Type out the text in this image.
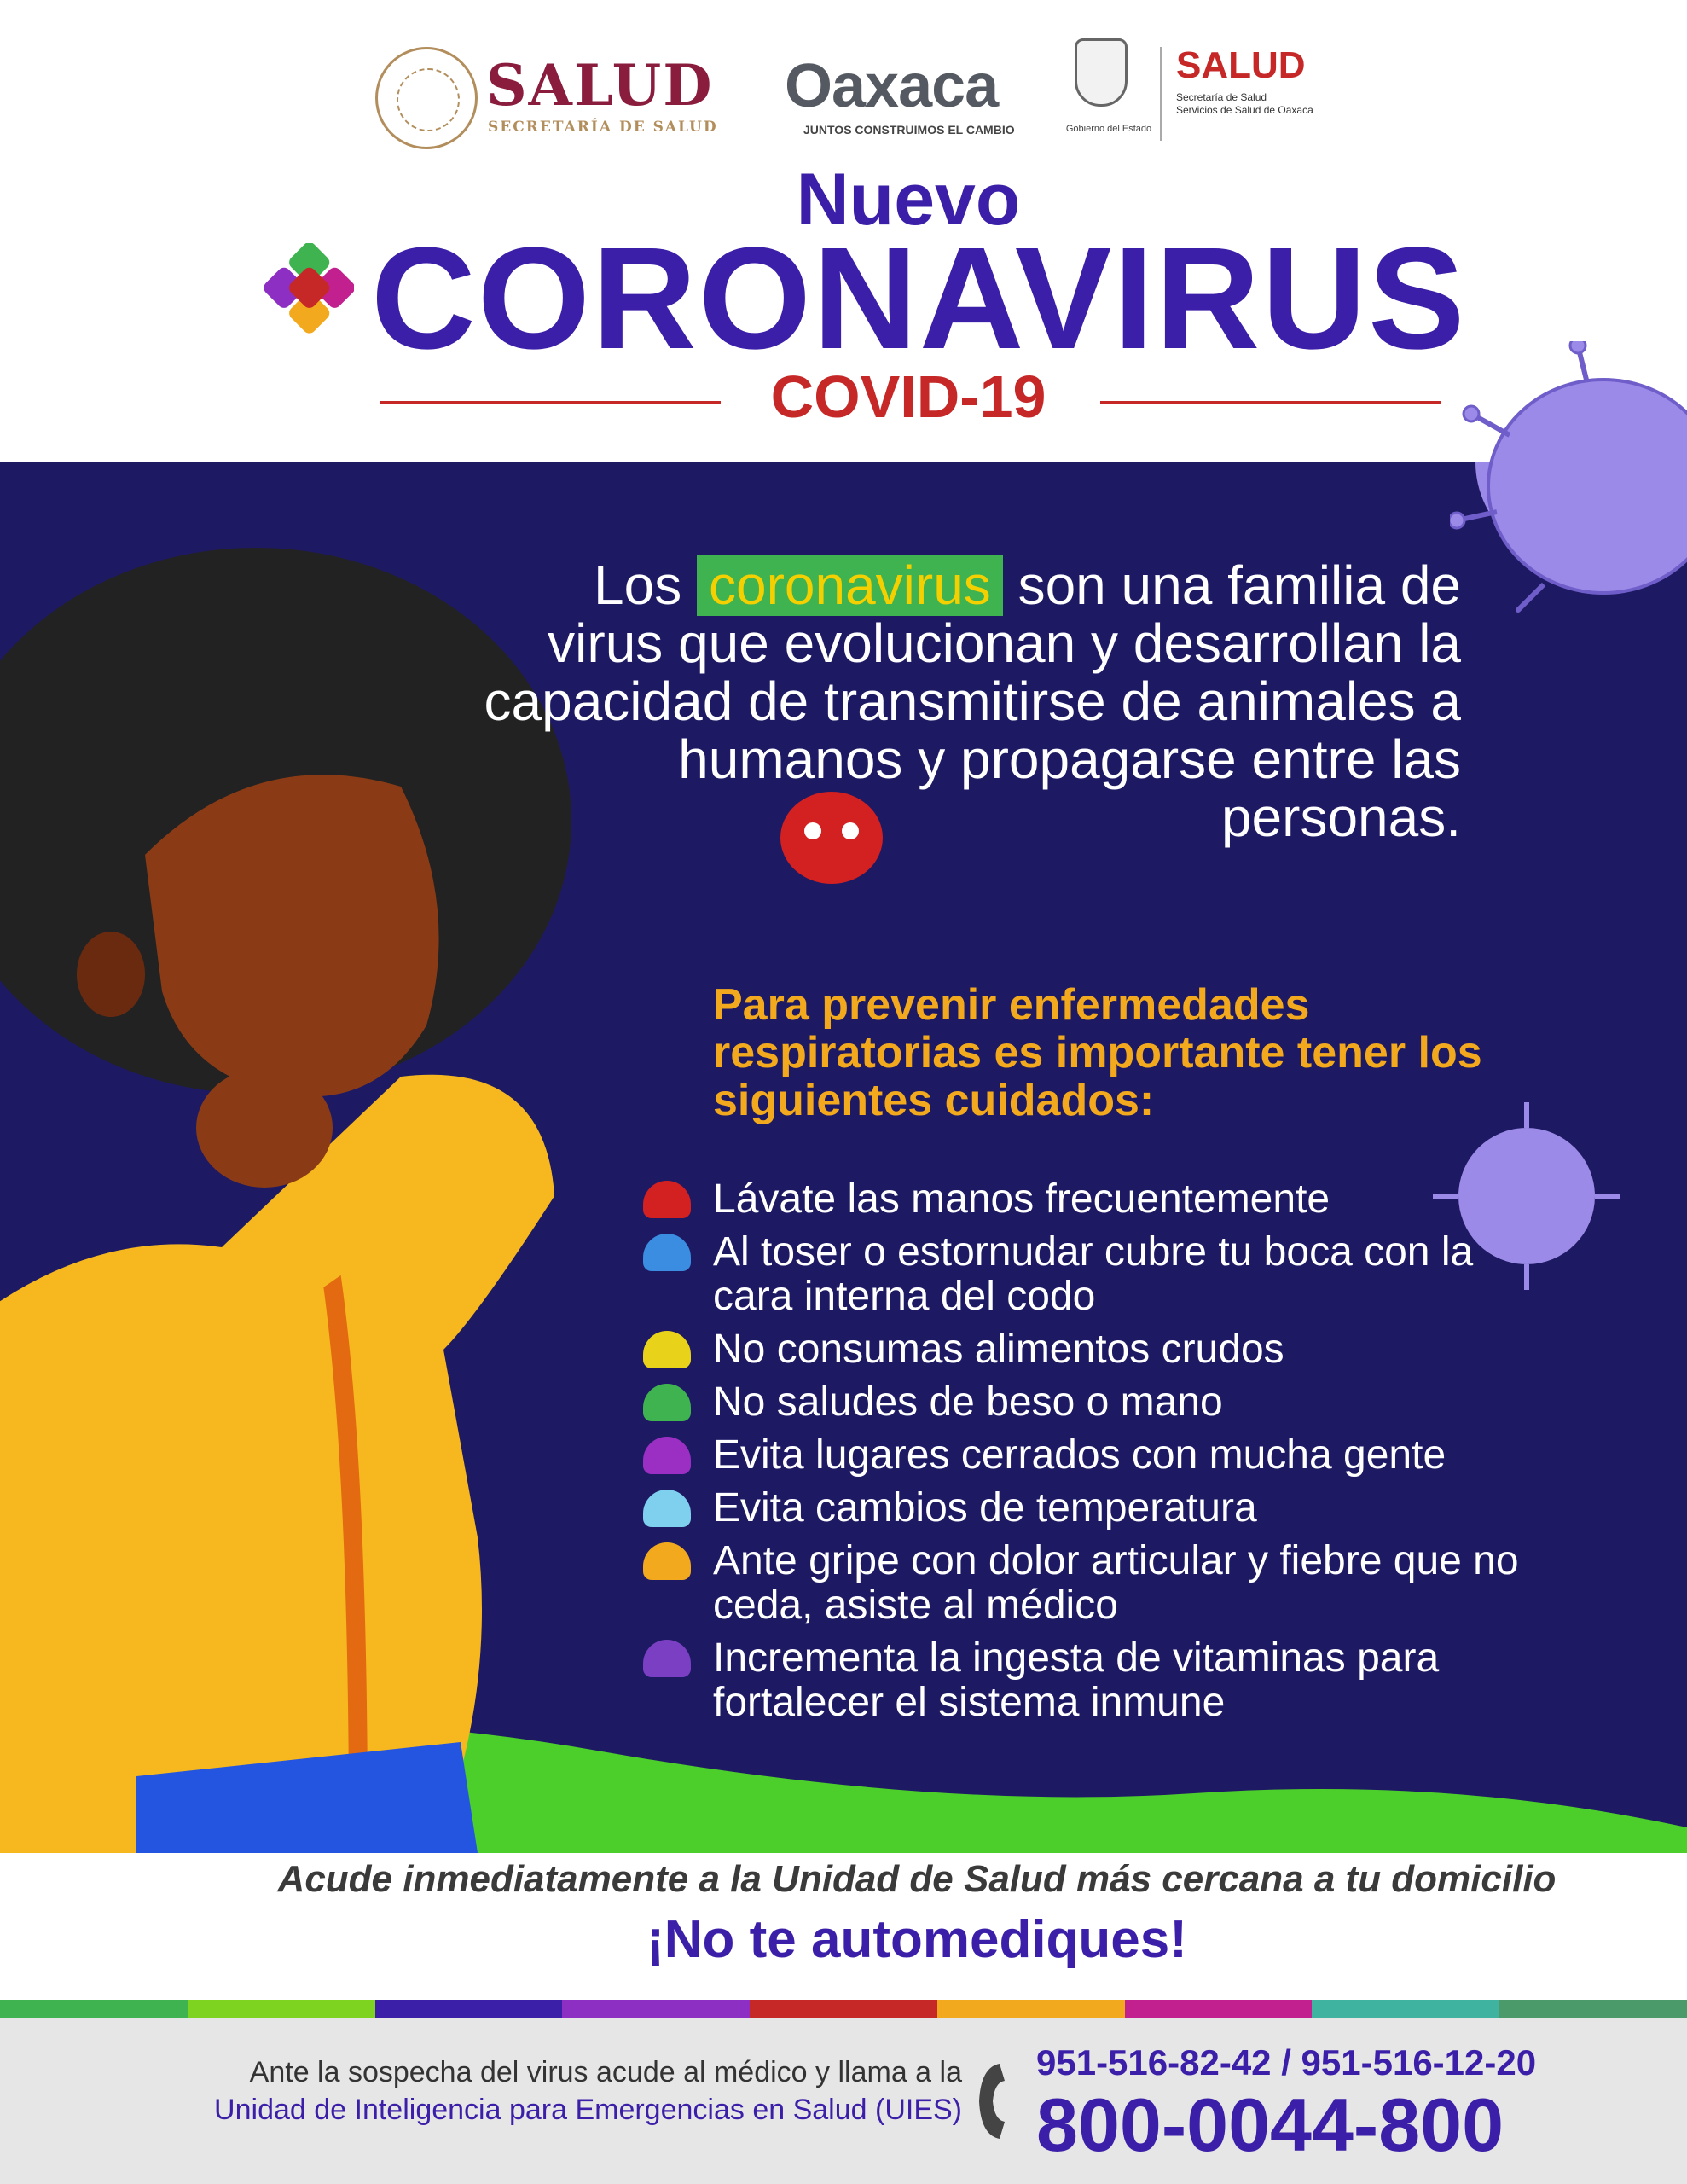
SALUD
SECRETARÍA DE SALUD
Oaxaca
JUNTOS CONSTRUIMOS EL CAMBIO	Gobierno del Estado
SALUD
Secretaría de Salud
Servicios de Salud de Oaxaca
Nuevo
CORONAVIRUS
COVID-19
Los coronavirus son una familia de virus que evolucionan y desarrollan la capacidad de transmitirse de animales a humanos y propagarse entre las personas.
Para prevenir enfermedades respiratorias es importante tener los siguientes cuidados:
Lávate las manos frecuentemente
Al toser o estornudar cubre tu boca con la cara interna del codo
No consumas alimentos crudos
No saludes de beso o mano
Evita lugares cerrados con mucha gente
Evita cambios de temperatura
Ante gripe con dolor articular y fiebre que no ceda, asiste al médico
Incrementa la ingesta de vitaminas para fortalecer el sistema inmune
Acude inmediatamente a la Unidad de Salud más cercana a tu domicilio
¡No te automediques!
Ante la sospecha del virus acude al médico y llama a la
Unidad de Inteligencia para Emergencias en Salud (UIES)
951-516-82-42 / 951-516-12-20
800-0044-800
